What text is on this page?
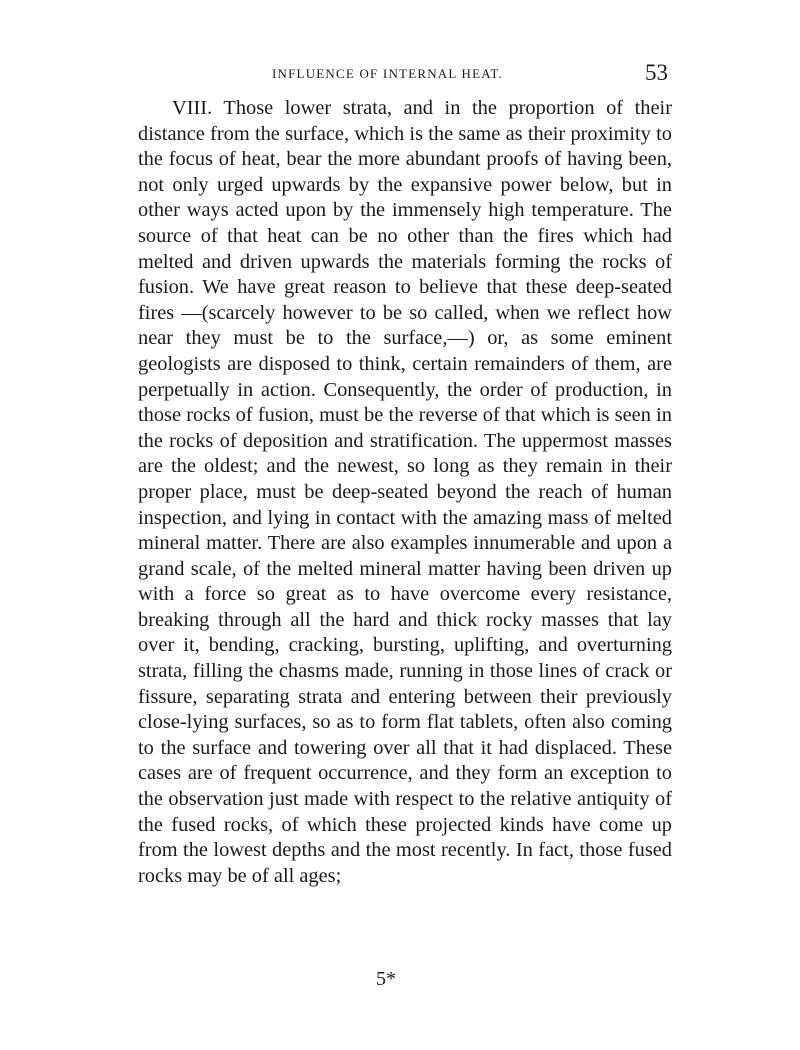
INFLUENCE OF INTERNAL HEAT.	53

VIII. Those lower strata, and in the proportion of their distance from the surface, which is the same as their proximity to the focus of heat, bear the more abundant proofs of having been, not only urged upwards by the expansive power below, but in other ways acted upon by the immensely high temperature. The source of that heat can be no other than the fires which had melted and driven upwards the materials forming the rocks of fusion. We have great reason to believe that these deep-seated fires —(scarcely however to be so called, when we reflect how near they must be to the surface,—) or, as some eminent geologists are disposed to think, certain remainders of them, are perpetually in action. Consequently, the order of production, in those rocks of fusion, must be the reverse of that which is seen in the rocks of deposition and stratification. The uppermost masses are the oldest; and the newest, so long as they remain in their proper place, must be deep-seated beyond the reach of human inspection, and lying in contact with the amazing mass of melted mineral matter. There are also examples innumerable and upon a grand scale, of the melted mineral matter having been driven up with a force so great as to have overcome every resistance, breaking through all the hard and thick rocky masses that lay over it, bending, cracking, bursting, uplifting, and overturning strata, filling the chasms made, running in those lines of crack or fissure, separating strata and entering between their previously close-lying surfaces, so as to form flat tablets, often also coming to the surface and towering over all that it had displaced. These cases are of frequent occurrence, and they form an exception to the observation just made with respect to the relative antiquity of the fused rocks, of which these projected kinds have come up from the lowest depths and the most recently. In fact, those fused rocks may be of all ages;

5*
